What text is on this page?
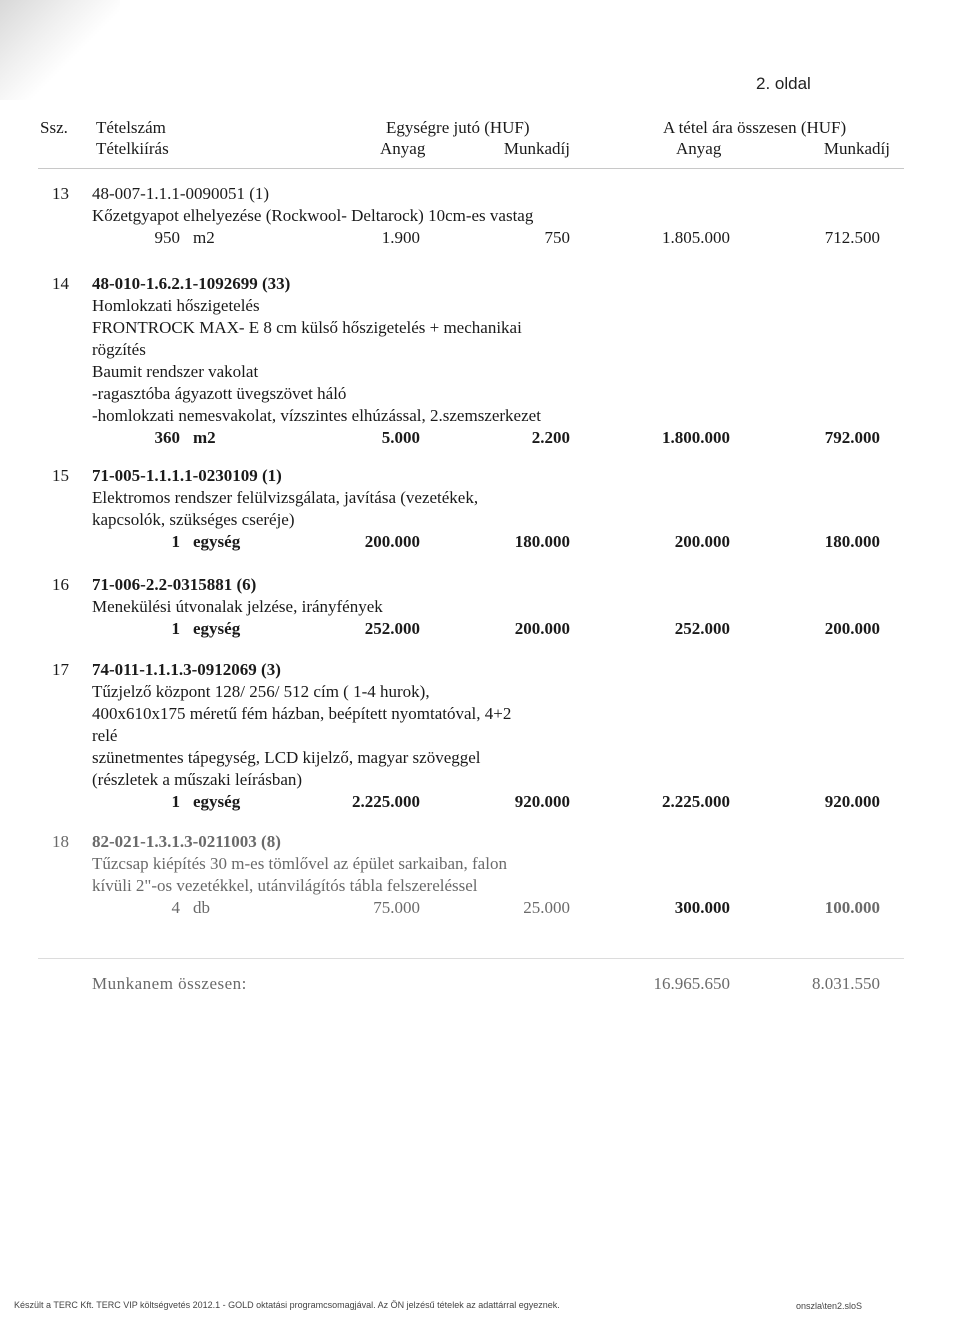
2. oldal
Ssz. Tételszám
Tételkiírás
Egységre jutó (HUF)
Anyag	Munkadíj
A tétel ára összesen (HUF)
Anyag	Munkadíj
13 48-007-1.1.1-0090051 (1)
Kőzetgyapot elhelyezése (Rockwool- Deltarock) 10cm-es vastag
950 m2	1.900	750	1.805.000	712.500
14 48-010-1.6.2.1-1092699 (33)
Homlokzati hőszigetelés
FRONTROCK MAX- E 8 cm külső hőszigetelés + mechanikai
rögzítés
Baumit rendszer vakolat
-ragasztóba ágyazott üvegszövet háló
-homlokzati nemesvakolat, vízszintes elhúzással, 2.szemszerkezet
360 m2	5.000	2.200	1.800.000	792.000
15 71-005-1.1.1.1-0230109 (1)
Elektromos rendszer felülvizsgálata, javítása (vezetékek,
kapcsolók, szükséges cseréje)
1 egység	200.000	180.000	200.000	180.000
16 71-006-2.2-0315881 (6)
Menekülési útvonalak jelzése, irányfények
1 egység	252.000	200.000	252.000	200.000
17 74-011-1.1.1.3-0912069 (3)
Tűzjelző központ 128/ 256/ 512 cím ( 1-4 hurok),
400x610x175 méretű fém házban, beépített nyomtatóval, 4+2
relé
szünetmentes tápegység, LCD kijelző, magyar szöveggel
(részletek a műszaki leírásban)
1 egység	2.225.000	920.000	2.225.000	920.000
18 82-021-1.3.1.3-0211003 (8)
Tűzcsap kiépítés 30 m-es tömlővel az épület sarkaiban, falon
kívüli 2"-os vezetékkel, utánvilágítós tábla felszereléssel
4 db	75.000	25.000	300.000	100.000
Munkanem összesen:	16.965.650	8.031.550
Készült a TERC Kft. TERC VIP költségvetés 2012.1 - GOLD oktatási programcsomagjával. Az ÖN jelzésű tételek az adattárral egyeznek.	onszla\ten2.sloS
